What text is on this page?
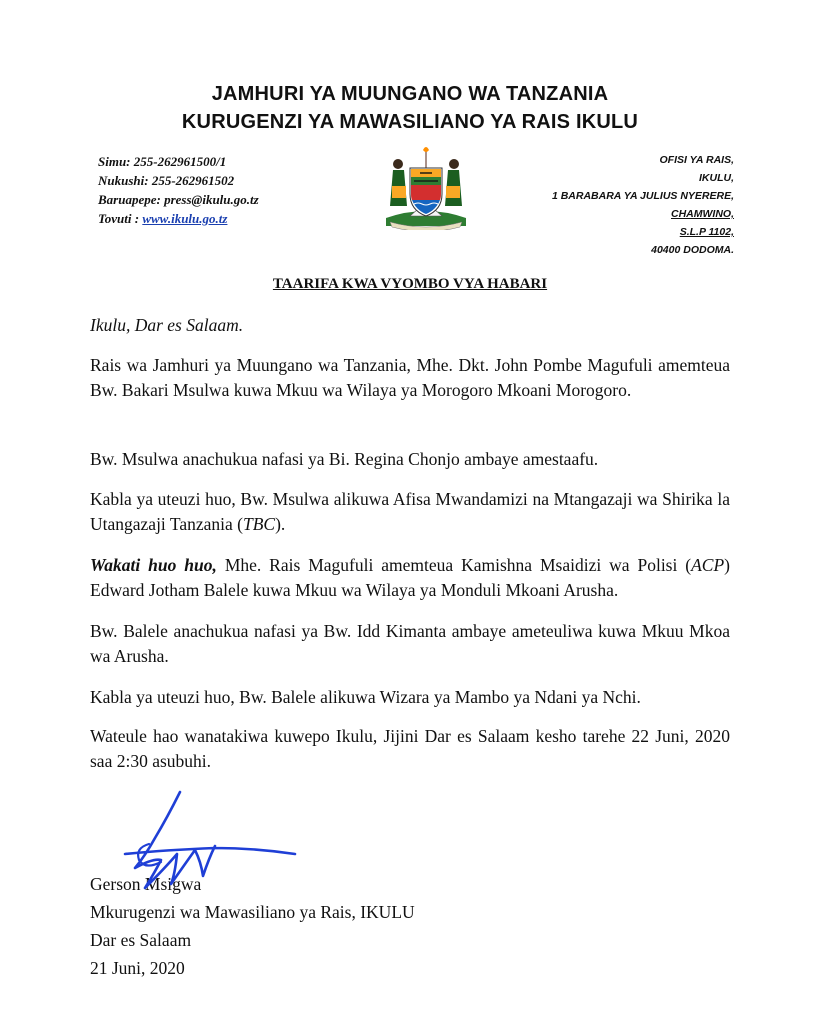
JAMHURI YA MUUNGANO WA TANZANIA
KURUGENZI YA MAWASILIANO YA RAIS IKULU
Simu: 255-262961500/1
Nukushi: 255-262961502
Baruapepe: press@ikulu.go.tz
Tovuti : www.ikulu.go.tz
OFISI YA RAIS,
IKULU,
1 BARABARA YA JULIUS NYERERE,
CHAMWINO,
S.L.P 1102,
40400 DODOMA.
TAARIFA KWA VYOMBO VYA HABARI

Ikulu, Dar es Salaam.

Rais wa Jamhuri ya Muungano wa Tanzania, Mhe. Dkt. John Pombe Magufuli amemteua Bw. Bakari Msulwa kuwa Mkuu wa Wilaya ya Morogoro Mkoani Morogoro.

Bw. Msulwa anachukua nafasi ya Bi. Regina Chonjo ambaye amestaafu.

Kabla ya uteuzi huo, Bw. Msulwa alikuwa Afisa Mwandamizi na Mtangazaji wa Shirika la Utangazaji Tanzania (TBC).

Wakati huo huo, Mhe. Rais Magufuli amemteua Kamishna Msaidizi wa Polisi (ACP) Edward Jotham Balele kuwa Mkuu wa Wilaya ya Monduli Mkoani Arusha.

Bw. Balele anachukua nafasi ya Bw. Idd Kimanta ambaye ameteuliwa kuwa Mkuu Mkoa wa Arusha.

Kabla ya uteuzi huo, Bw. Balele alikuwa Wizara ya Mambo ya Ndani ya Nchi.

Wateule hao wanatakiwa kuwepo Ikulu, Jijini Dar es Salaam kesho tarehe 22 Juni, 2020 saa 2:30 asubuhi.

Gerson Msigwa
Mkurugenzi wa Mawasiliano ya Rais, IKULU
Dar es Salaam
21 Juni, 2020
